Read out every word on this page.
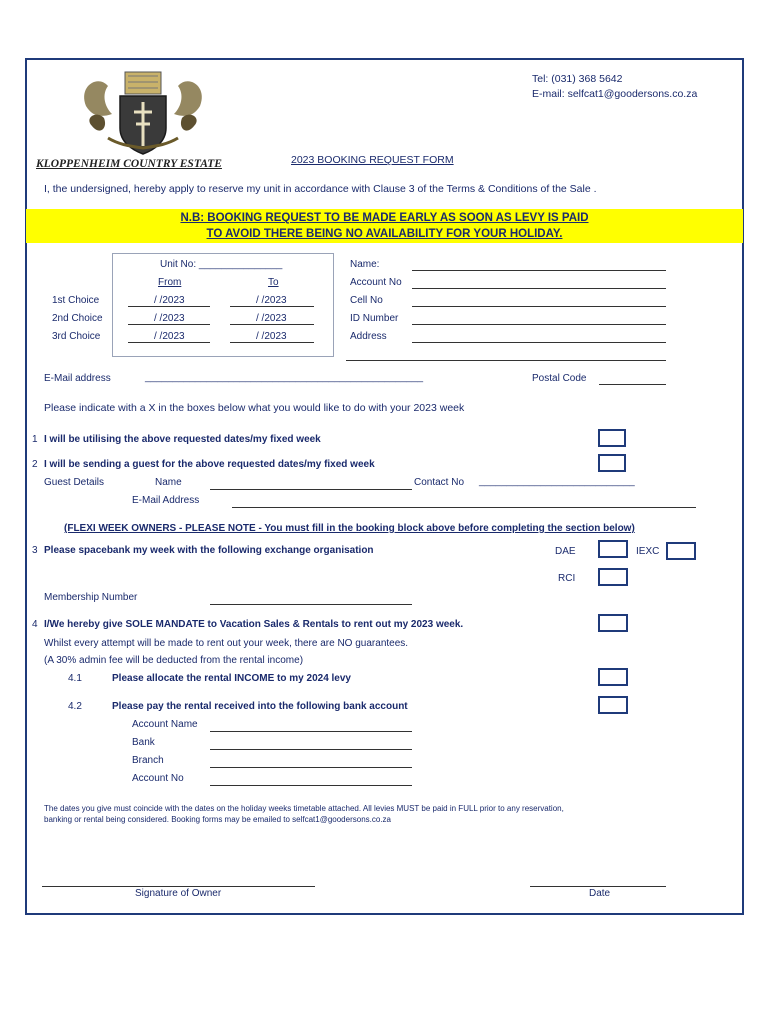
KLOPPENHEIM COUNTRY ESTATE
Tel: (031) 368 5642
E-mail: selfcat1@goodersons.co.za
2023 BOOKING REQUEST FORM
I, the undersigned, hereby apply to reserve my unit in accordance with Clause 3 of the Terms & Conditions of the Sale .
N.B: BOOKING REQUEST TO BE MADE EARLY AS SOON AS LEVY IS PAID
TO AVOID THERE BEING NO AVAILABILITY FOR YOUR HOLIDAY.
Unit No: _______________
From	To
1st Choice	/ /2023	/ /2023
2nd Choice	/ /2023	/ /2023
3rd Choice	/ /2023	/ /2023
Name:
Account No
Cell No
ID Number
Address
E-Mail address	__________________________________________________	Postal Code
Please indicate with a X in the boxes below what you would like to do with your 2023 week
1 I will be utilising the above requested dates/my fixed week
2 I will be sending a guest for the above requested dates/my fixed week
Guest Details	Name	Contact No ____________________________
E-Mail Address
(FLEXI WEEK OWNERS - PLEASE NOTE - You must fill in the booking block above before completing the section below)
3 Please spacebank my week with the following exchange organisation	DAE	IEXC
RCI
Membership Number
4 I/We hereby give SOLE MANDATE to Vacation Sales & Rentals to rent out my 2023 week.
Whilst every attempt will be made to rent out your week, there are NO guarantees.
(A 30% admin fee will be deducted from the rental income)
4.1	Please allocate the rental INCOME to my 2024 levy
4.2	Please pay the rental received into the following bank account
Account Name
Bank
Branch
Account No
The dates you give must coincide with the dates on the holiday weeks timetable attached. All levies MUST be paid in FULL prior to any reservation,
banking or rental being considered. Booking forms may be emailed to selfcat1@goodersons.co.za
Signature of Owner	Date
